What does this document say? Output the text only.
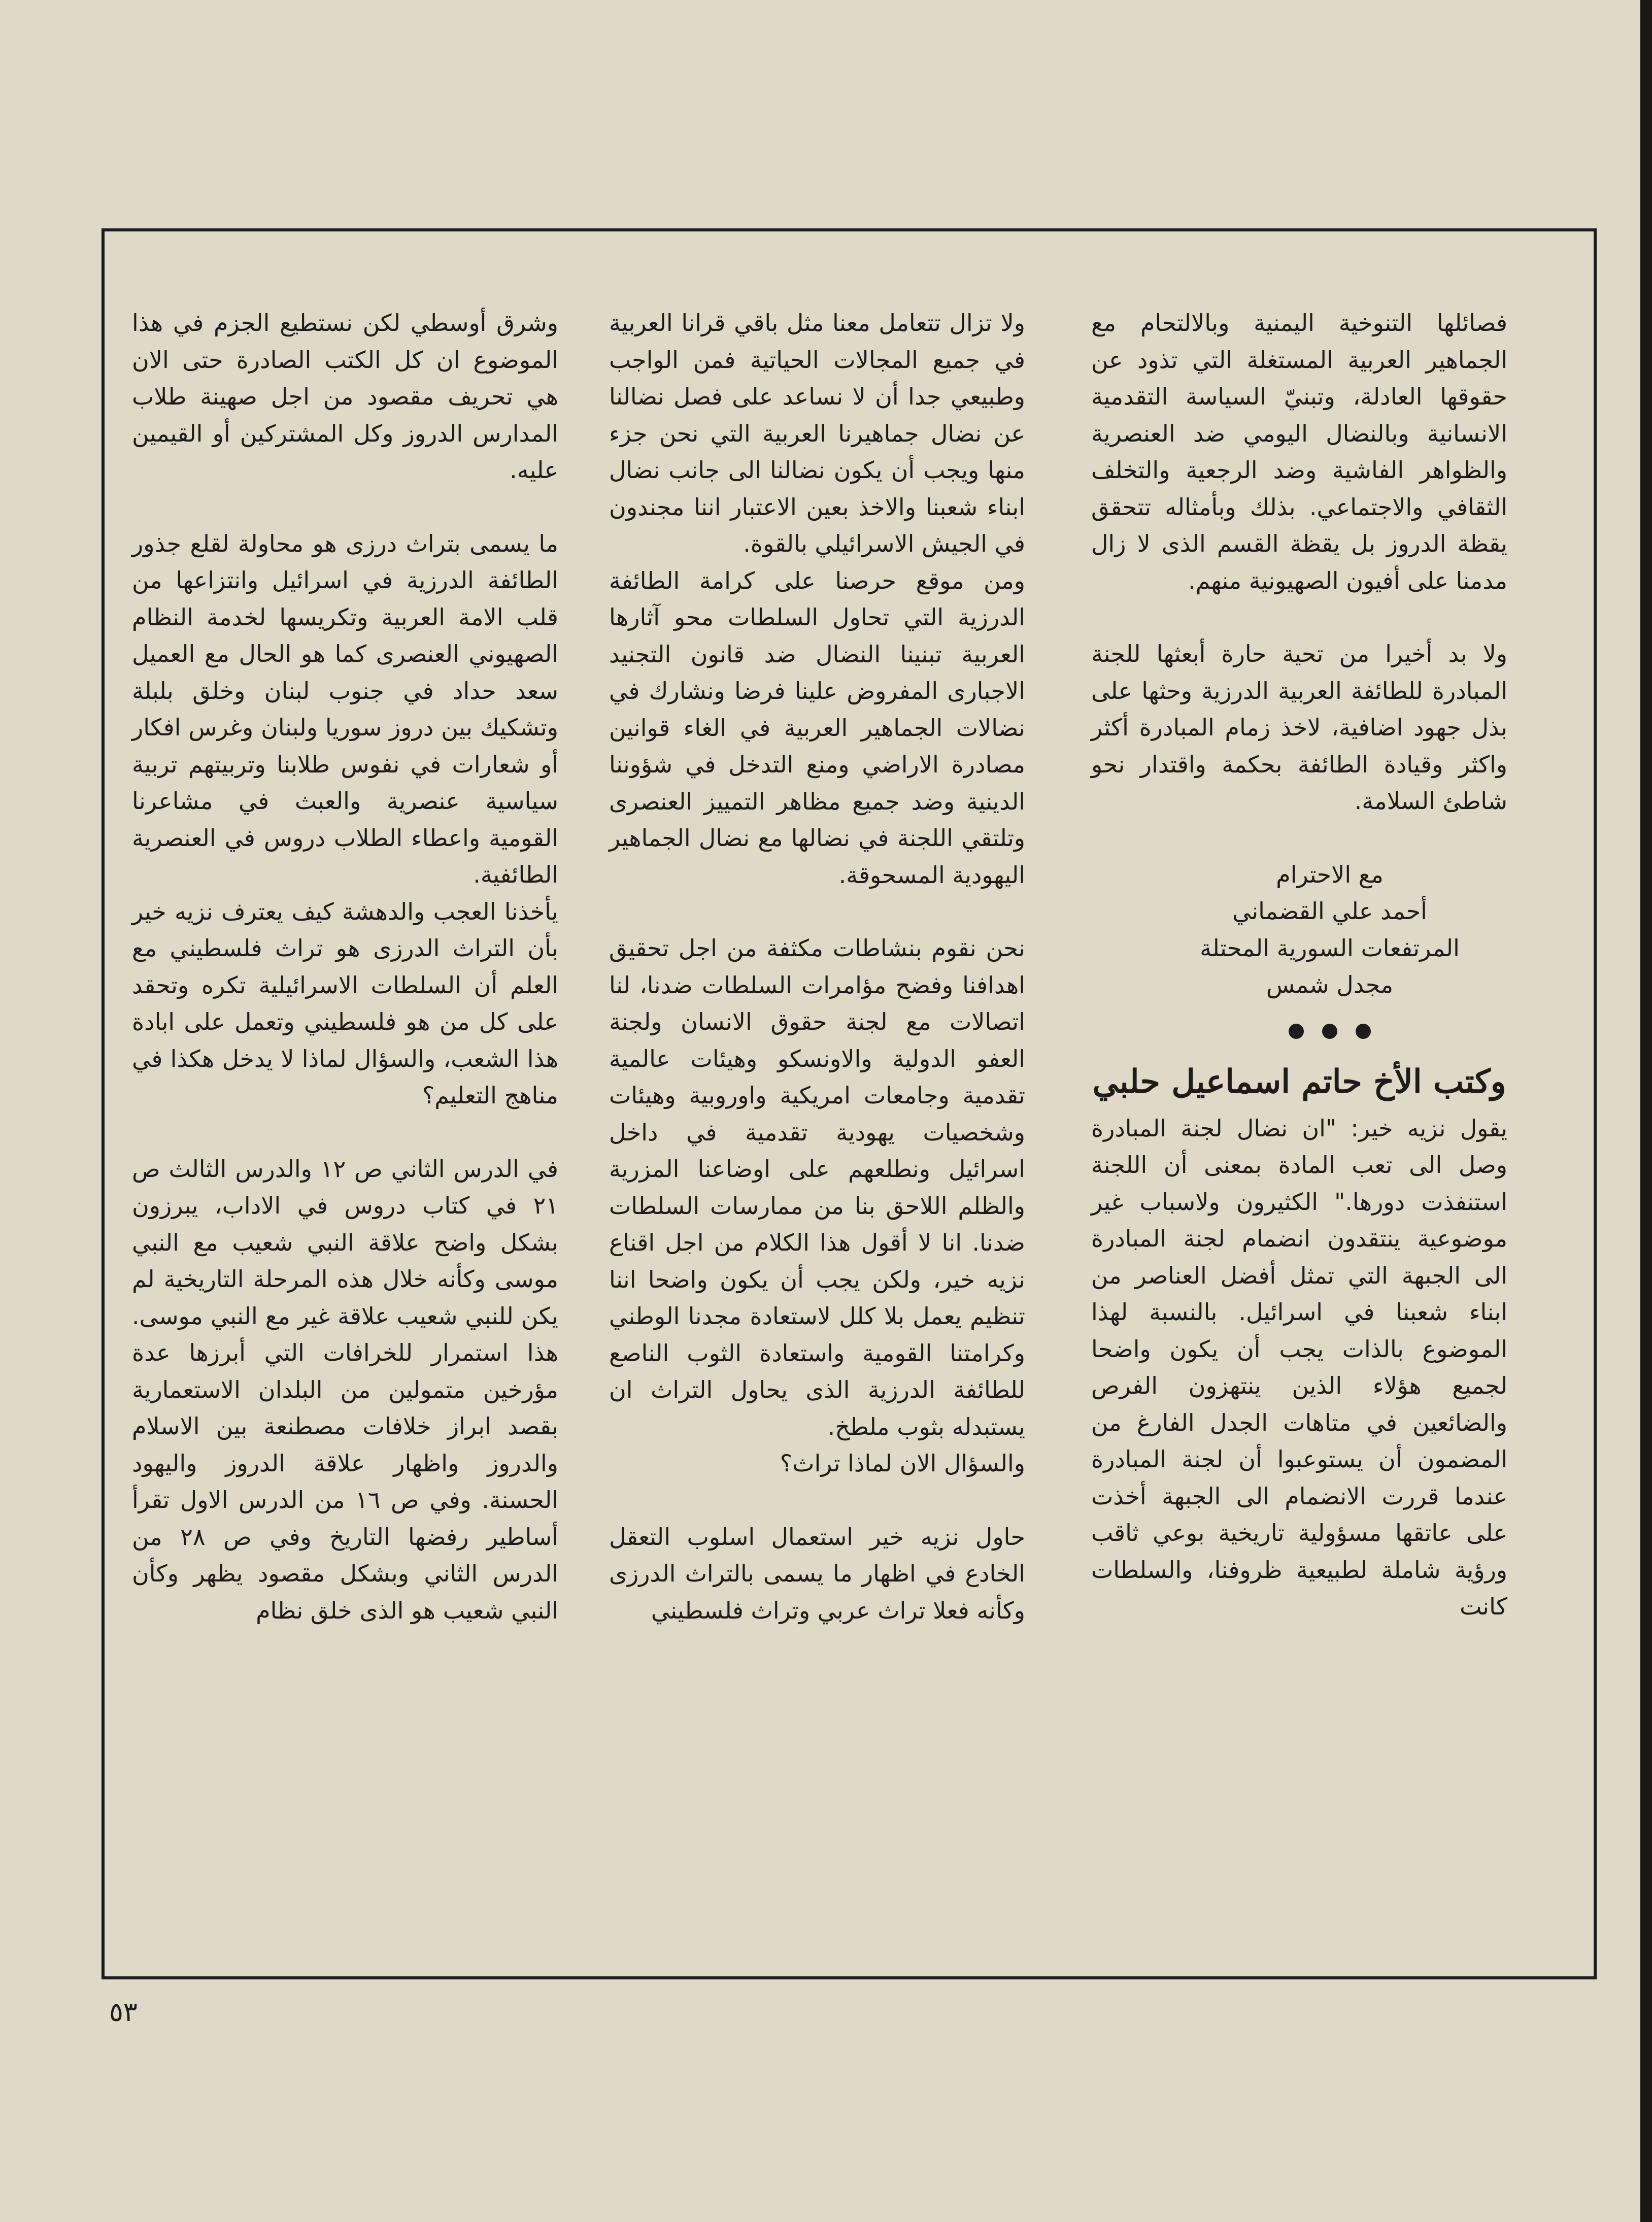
فصائلها التنوخية اليمنية وبالالتحام مع الجماهير العربية المستغلة التي تذود عن حقوقها العادلة، وتبنيّ السياسة التقدمية الانسانية وبالنضال اليومي ضد العنصرية والظواهر الفاشية وضد الرجعية والتخلف الثقافي والاجتماعي. بذلك وبأمثاله تتحقق يقظة الدروز بل يقظة القسم الذى لا زال مدمنا على أفيون الصهيونية منهم.

ولا بد أخيرا من تحية حارة أبعثها للجنة المبادرة للطائفة العربية الدرزية وحثها على بذل جهود اضافية، لاخذ زمام المبادرة أكثر واكثر وقيادة الطائفة بحكمة واقتدار نحو شاطئ السلامة.

مع الاحترام

أحمد علي القضماني

المرتفعات السورية المحتلة

مجدل شمس

وكتب الأخ حاتم اسماعيل حلبي

يقول نزيه خير: "ان نضال لجنة المبادرة وصل الى تعب المادة بمعنى أن اللجنة استنفذت دورها." الكثيرون ولاسباب غير موضوعية ينتقدون انضمام لجنة المبادرة الى الجبهة التي تمثل أفضل العناصر من ابناء شعبنا في اسرائيل. بالنسبة لهذا الموضوع بالذات يجب أن يكون واضحا لجميع هؤلاء الذين ينتهزون الفرص والضائعين في متاهات الجدل الفارغ من المضمون أن يستوعبوا أن لجنة المبادرة عندما قررت الانضمام الى الجبهة أخذت على عاتقها مسؤولية تاريخية بوعي ثاقب ورؤية شاملة لطبيعية ظروفنا، والسلطات كانت

ولا تزال تتعامل معنا مثل باقي قرانا العربية في جميع المجالات الحياتية فمن الواجب وطبيعي جدا أن لا نساعد على فصل نضالنا عن نضال جماهيرنا العربية التي نحن جزء منها ويجب أن يكون نضالنا الى جانب نضال ابناء شعبنا والاخذ بعين الاعتبار اننا مجندون في الجيش الاسرائيلي بالقوة.

ومن موقع حرصنا على كرامة الطائفة الدرزية التي تحاول السلطات محو آثارها العربية تبنينا النضال ضد قانون التجنيد الاجبارى المفروض علينا فرضا ونشارك في نضالات الجماهير العربية في الغاء قوانين مصادرة الاراضي ومنع التدخل في شؤوننا الدينية وضد جميع مظاهر التمييز العنصرى وتلتقي اللجنة في نضالها مع نضال الجماهير اليهودية المسحوقة.

نحن نقوم بنشاطات مكثفة من اجل تحقيق اهدافنا وفضح مؤامرات السلطات ضدنا، لنا اتصالات مع لجنة حقوق الانسان ولجنة العفو الدولية والاونسكو وهيئات عالمية تقدمية وجامعات امريكية واوروبية وهيئات وشخصيات يهودية تقدمية في داخل اسرائيل ونطلعهم على اوضاعنا المزرية والظلم اللاحق بنا من ممارسات السلطات ضدنا. انا لا أقول هذا الكلام من اجل اقناع نزيه خير، ولكن يجب أن يكون واضحا اننا تنظيم يعمل بلا كلل لاستعادة مجدنا الوطني وكرامتنا القومية واستعادة الثوب الناصع للطائفة الدرزية الذى يحاول التراث ان يستبدله بثوب ملطخ.

والسؤال الان لماذا تراث؟

حاول نزيه خير استعمال اسلوب التعقل الخادع في اظهار ما يسمى بالتراث الدرزى وكأنه فعلا تراث عربي وتراث فلسطيني

وشرق أوسطي لكن نستطيع الجزم في هذا الموضوع ان كل الكتب الصادرة حتى الان هي تحريف مقصود من اجل صهينة طلاب المدارس الدروز وكل المشتركين أو القيمين عليه.

ما يسمى بتراث درزى هو محاولة لقلع جذور الطائفة الدرزية في اسرائيل وانتزاعها من قلب الامة العربية وتكريسها لخدمة النظام الصهيوني العنصرى كما هو الحال مع العميل سعد حداد في جنوب لبنان وخلق بلبلة وتشكيك بين دروز سوريا ولبنان وغرس افكار أو شعارات في نفوس طلابنا وتربيتهم تربية سياسية عنصرية والعبث في مشاعرنا القومية واعطاء الطلاب دروس في العنصرية الطائفية.

يأخذنا العجب والدهشة كيف يعترف نزيه خير بأن التراث الدرزى هو تراث فلسطيني مع العلم أن السلطات الاسرائيلية تكره وتحقد على كل من هو فلسطيني وتعمل على ابادة هذا الشعب، والسؤال لماذا لا يدخل هكذا في مناهج التعليم؟

في الدرس الثاني ص ١٢ والدرس الثالث ص ٢١ في كتاب دروس في الاداب، يبرزون بشكل واضح علاقة النبي شعيب مع النبي موسى وكأنه خلال هذه المرحلة التاريخية لم يكن للنبي شعيب علاقة غير مع النبي موسى. هذا استمرار للخرافات التي أبرزها عدة مؤرخين متمولين من البلدان الاستعمارية بقصد ابراز خلافات مصطنعة بين الاسلام والدروز واظهار علاقة الدروز واليهود الحسنة. وفي ص ١٦ من الدرس الاول تقرأ أساطير رفضها التاريخ وفي ص ٢٨ من الدرس الثاني وبشكل مقصود يظهر وكأن النبي شعيب هو الذى خلق نظام

٥٣
